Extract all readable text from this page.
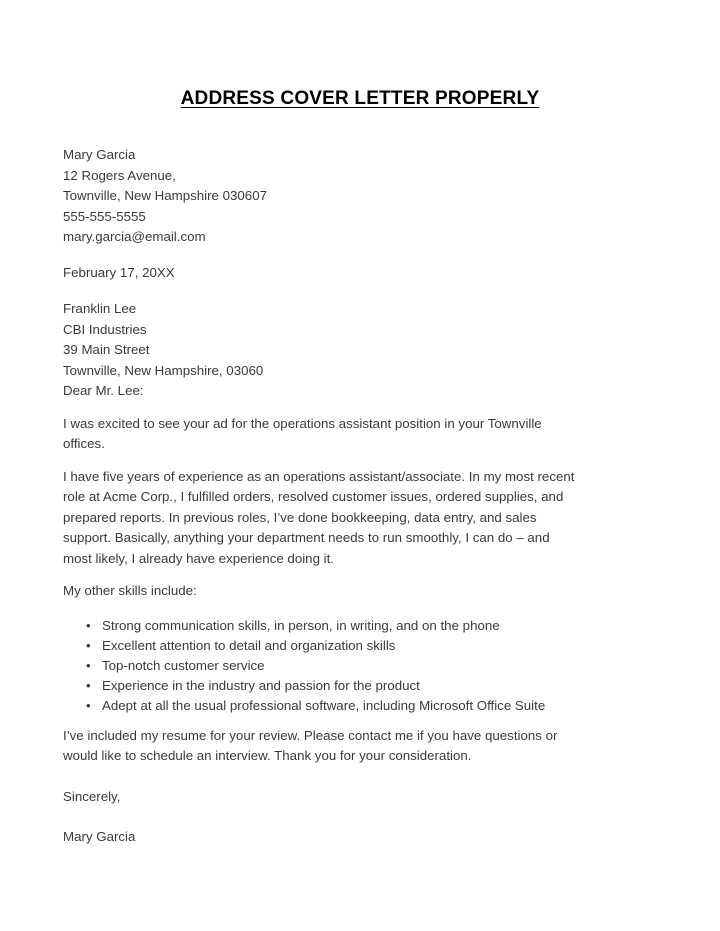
ADDRESS COVER LETTER PROPERLY
Mary Garcia
12 Rogers Avenue,
Townville, New Hampshire 030607
555-555-5555
mary.garcia@email.com
February 17, 20XX
Franklin Lee
CBI Industries
39 Main Street
Townville, New Hampshire, 03060
Dear Mr. Lee:
I was excited to see your ad for the operations assistant position in your Townville
offices.
I have five years of experience as an operations assistant/associate. In my most recent
role at Acme Corp., I fulfilled orders, resolved customer issues, ordered supplies, and
prepared reports. In previous roles, I’ve done bookkeeping, data entry, and sales
support. Basically, anything your department needs to run smoothly, I can do – and
most likely, I already have experience doing it.
My other skills include:
• Strong communication skills, in person, in writing, and on the phone
• Excellent attention to detail and organization skills
• Top-notch customer service
• Experience in the industry and passion for the product
• Adept at all the usual professional software, including Microsoft Office Suite
I’ve included my resume for your review. Please contact me if you have questions or
would like to schedule an interview. Thank you for your consideration.
Sincerely,
Mary Garcia
